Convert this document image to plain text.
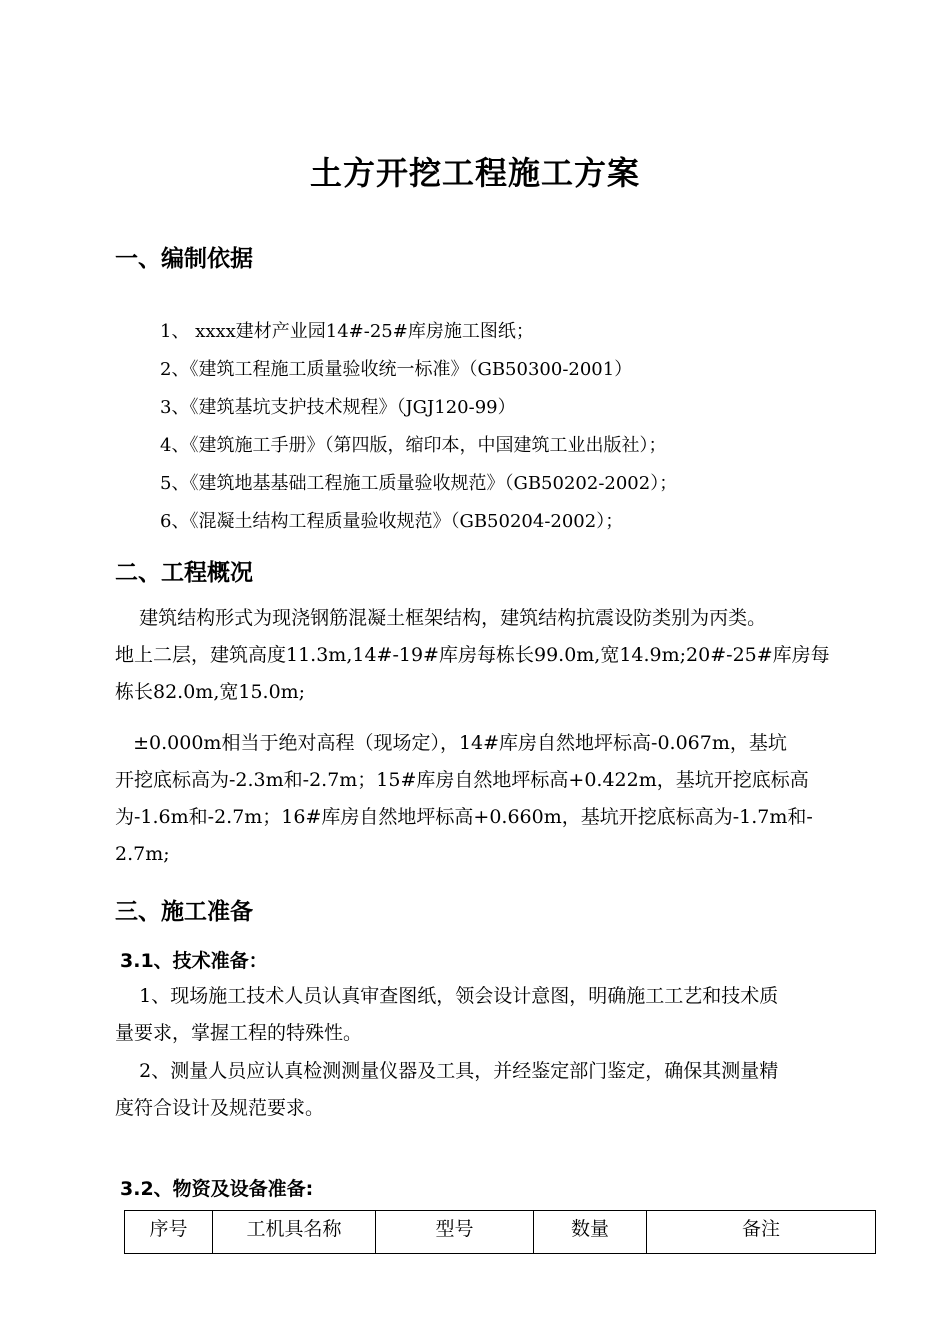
土方开挖工程施工方案
一、编制依据
1、 xxxx建材产业园14#-25#库房施工图纸；
2、《建筑工程施工质量验收统一标准》（GB50300-2001）
3、《建筑基坑支护技术规程》（JGJ120-99）
4、《建筑施工手册》（第四版，缩印本，中国建筑工业出版社）；
5、《建筑地基基础工程施工质量验收规范》（GB50202-2002）；
6、《混凝土结构工程质量验收规范》（GB50204-2002）；
二、工程概况
建筑结构形式为现浇钢筋混凝土框架结构，建筑结构抗震设防类别为丙类。
地上二层，建筑高度11.3m,14#-19#库房每栋长99.0m,宽14.9m;20#-25#库房每
栋长82.0m,宽15.0m;
±0.000m相当于绝对高程（现场定），14#库房自然地坪标高-0.067m，基坑
开挖底标高为-2.3m和-2.7m；15#库房自然地坪标高+0.422m，基坑开挖底标高
为-1.6m和-2.7m；16#库房自然地坪标高+0.660m，基坑开挖底标高为-1.7m和-
2.7m;
三、施工准备
3.1、技术准备：
1、现场施工技术人员认真审查图纸，领会设计意图，明确施工工艺和技术质
量要求，掌握工程的特殊性。
2、测量人员应认真检测测量仪器及工具，并经鉴定部门鉴定，确保其测量精
度符合设计及规范要求。
3.2、物资及设备准备:
序号	工机具名称	型号	数量	备注
